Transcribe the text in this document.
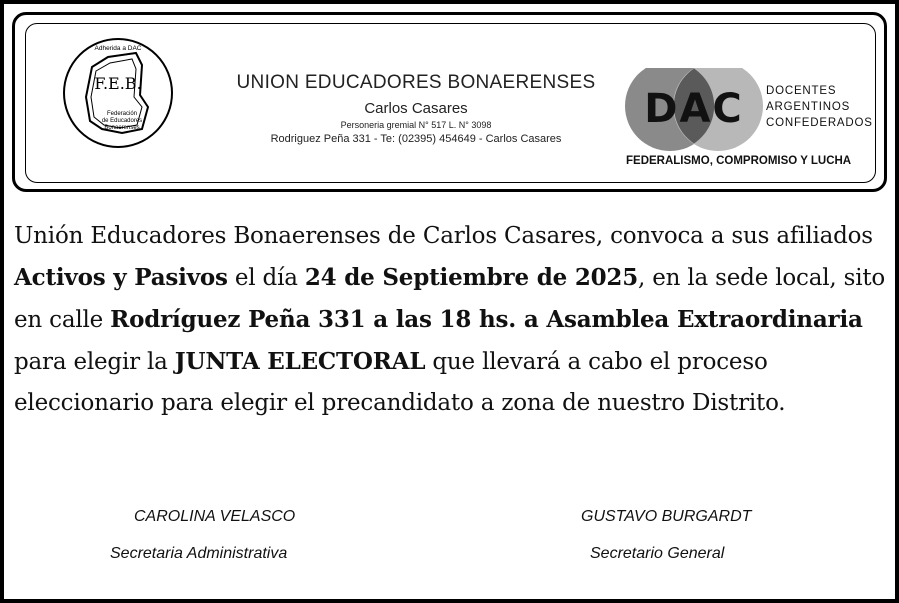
Adherida a DAC
F.E.B.
Federación
de Educadores
Bonaerenses
UNION EDUCADORES BONAERENSES
Carlos Casares
Personeria gremial N° 517 L. N° 3098
Rodriguez Peña 331 - Te: (02395) 454649 - Carlos Casares
DAC DOCENTES
ARGENTINOS
CONFEDERADOS
FEDERALISMO, COMPROMISO Y LUCHA
Unión Educadores Bonaerenses de Carlos Casares, convoca a sus afiliados Activos y Pasivos el día 24 de Septiembre de 2025, en la sede local, sito en calle Rodríguez Peña 331 a las 18 hs. a Asamblea Extraordinaria para elegir la JUNTA ELECTORAL que llevará a cabo el proceso eleccionario para elegir el precandidato a zona de nuestro Distrito.
CAROLINA VELASCO
Secretaria Administrativa
GUSTAVO BURGARDT
Secretario General
